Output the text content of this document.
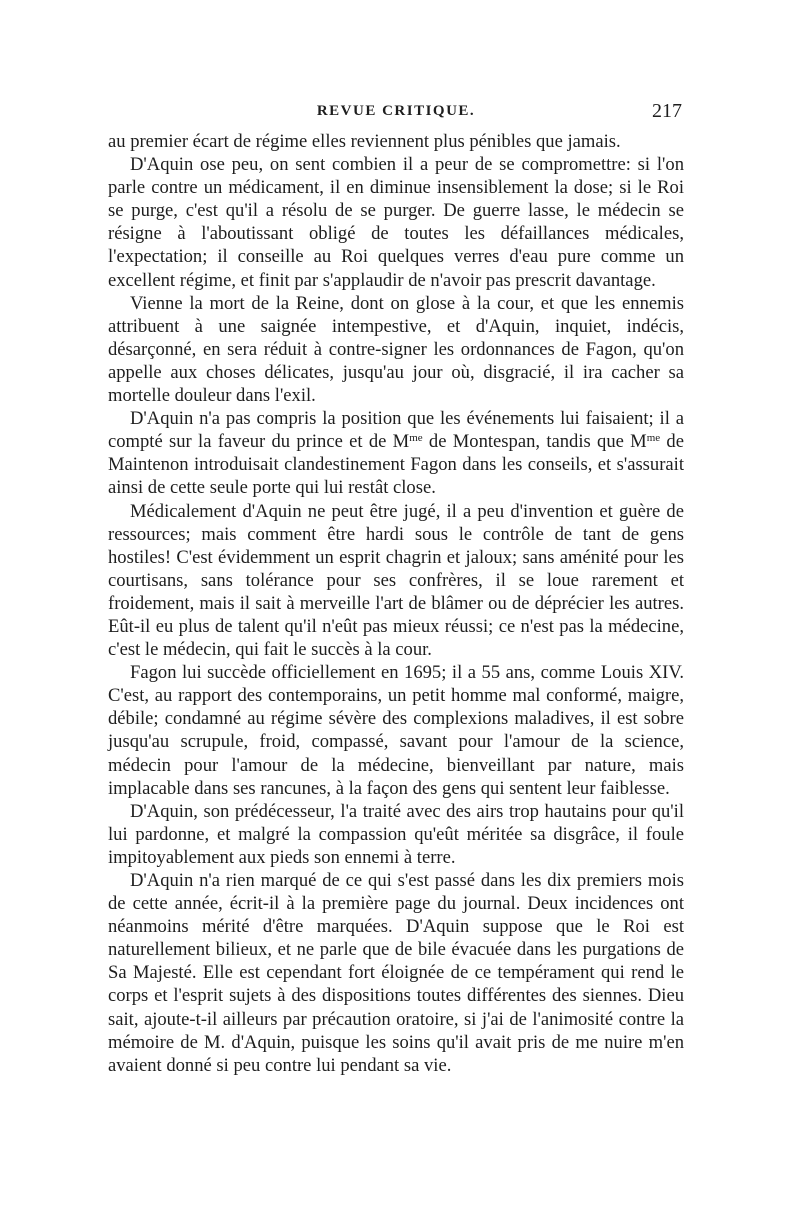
REVUE CRITIQUE.	217

au premier écart de régime elles reviennent plus pénibles que jamais.

D'Aquin ose peu, on sent combien il a peur de se compromettre: si l'on parle contre un médicament, il en diminue insensiblement la dose; si le Roi se purge, c'est qu'il a résolu de se purger. De guerre lasse, le médecin se résigne à l'aboutissant obligé de toutes les défaillances médicales, l'expectation; il conseille au Roi quelques verres d'eau pure comme un excellent régime, et finit par s'applaudir de n'avoir pas prescrit davantage.

Vienne la mort de la Reine, dont on glose à la cour, et que les ennemis attribuent à une saignée intempestive, et d'Aquin, inquiet, indécis, désarçonné, en sera réduit à contre-signer les ordonnances de Fagon, qu'on appelle aux choses délicates, jusqu'au jour où, disgracié, il ira cacher sa mortelle douleur dans l'exil.

D'Aquin n'a pas compris la position que les événements lui faisaient; il a compté sur la faveur du prince et de $M^{me}$ de Montespan, tandis que $M^{me}$ de Maintenon introduisait clandestinement Fagon dans les conseils, et s'assurait ainsi de cette seule porte qui lui restât close.

Médicalement d'Aquin ne peut être jugé, il a peu d'invention et guère de ressources; mais comment être hardi sous le contrôle de tant de gens hostiles! C'est évidemment un esprit chagrin et jaloux; sans aménité pour les courtisans, sans tolérance pour ses confrères, il se loue rarement et froidement, mais il sait à merveille l'art de blâmer ou de déprécier les autres. Eût-il eu plus de talent qu'il n'eût pas mieux réussi; ce n'est pas la médecine, c'est le médecin, qui fait le succès à la cour.

Fagon lui succède officiellement en 1695; il a 55 ans, comme Louis XIV. C'est, au rapport des contemporains, un petit homme mal conformé, maigre, débile; condamné au régime sévère des complexions maladives, il est sobre jusqu'au scrupule, froid, compassé, savant pour l'amour de la science, médecin pour l'amour de la médecine, bienveillant par nature, mais implacable dans ses rancunes, à la façon des gens qui sentent leur faiblesse.

D'Aquin, son prédécesseur, l'a traité avec des airs trop hautains pour qu'il lui pardonne, et malgré la compassion qu'eût méritée sa disgrâce, il foule impitoyablement aux pieds son ennemi à terre.

D'Aquin n'a rien marqué de ce qui s'est passé dans les dix premiers mois de cette année, écrit-il à la première page du journal. Deux incidences ont néanmoins mérité d'être marquées. D'Aquin suppose que le Roi est naturellement bilieux, et ne parle que de bile évacuée dans les purgations de Sa Majesté. Elle est cependant fort éloignée de ce tempérament qui rend le corps et l'esprit sujets à des dispositions toutes différentes des siennes. Dieu sait, ajoute-t-il ailleurs par précaution oratoire, si j'ai de l'animosité contre la mémoire de M. d'Aquin, puisque les soins qu'il avait pris de me nuire m'en avaient donné si peu contre lui pendant sa vie.
